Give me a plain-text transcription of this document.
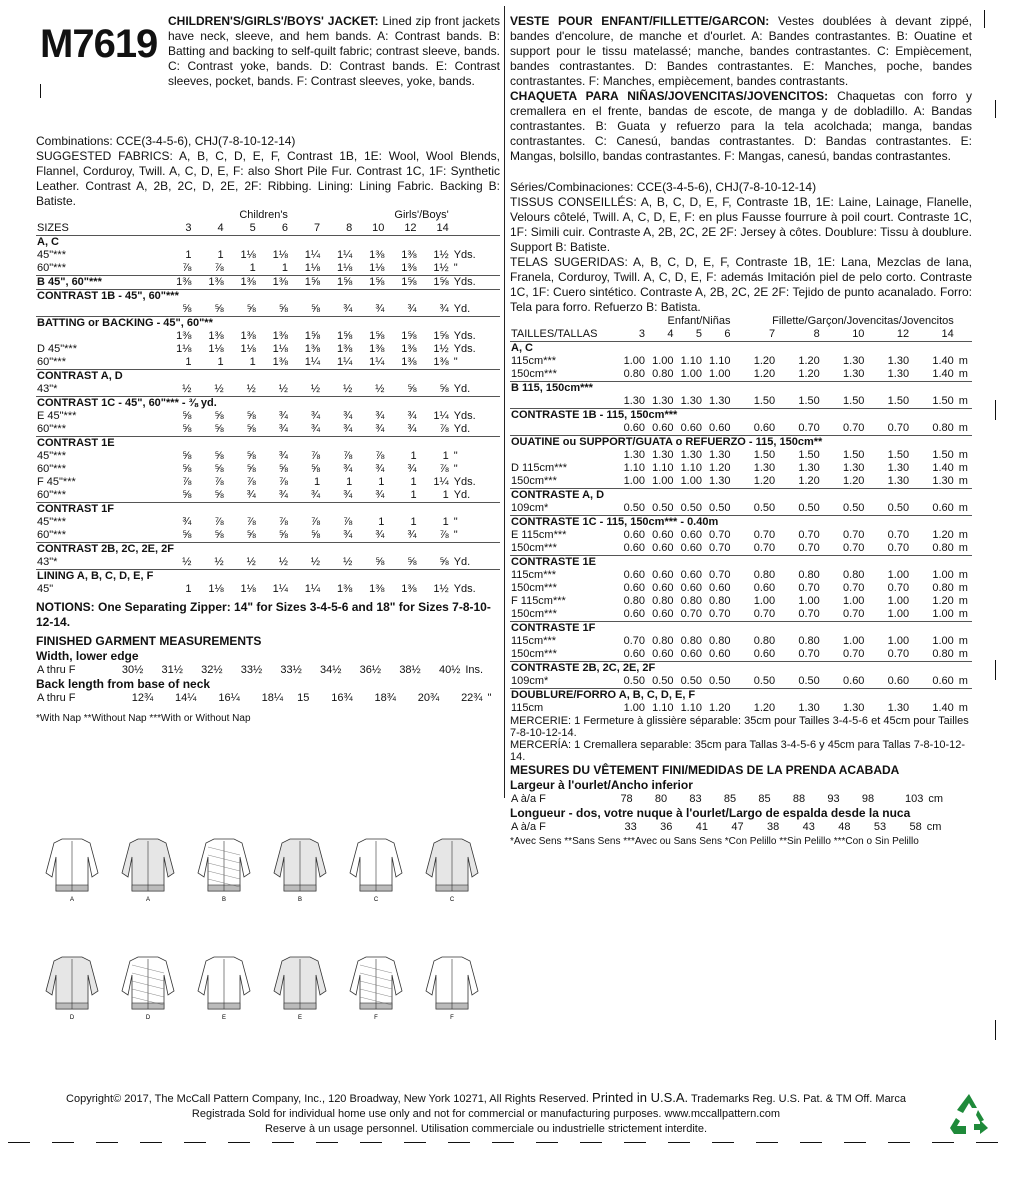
M7619
CHILDREN'S/GIRLS'/BOYS' JACKET: Lined zip front jackets have neck, sleeve, and hem bands. A: Contrast bands. B: Batting and backing to self-quilt fabric; contrast sleeve, bands. C: Contrast yoke, bands. D: Contrast bands. E: Contrast sleeves, pocket, bands. F: Contrast sleeves, yoke, bands.
Combinations: CCE(3-4-5-6), CHJ(7-8-10-12-14)
SUGGESTED FABRICS: A, B, C, D, E, F, Contrast 1B, 1E: Wool, Wool Blends, Flannel, Corduroy, Twill. A, C, D, E, F: also Short Pile Fur. Contrast 1C, 1F: Synthetic Leather. Contrast A, 2B, 2C, D, 2E, 2F: Ribbing. Lining: Lining Fabric. Backing B: Batiste.
	Children's				Girls'/Boys'					
SIZES	3	4	5	6	7	8	10	12	14	
A, C										
45"***	1	1	1⅛	1⅛	1¼	1¼	1⅜	1⅜	1½	Yds.
60"***	⅞	⅞	1	1	1⅛	1⅛	1⅛	1⅜	1½	"
B 45", 60"***	1⅜	1⅜	1⅜	1⅜	1⅝	1⅝	1⅝	1⅝	1⅝	Yds.
CONTRAST 1B - 45", 60"***										
	⅝	⅝	⅝	⅝	⅝	¾	¾	¾	¾	Yd.
BATTING or BACKING - 45", 60"**										
	1⅜	1⅜	1⅜	1⅜	1⅝	1⅝	1⅝	1⅝	1⅝	Yds.
D 45"***	1⅛	1⅛	1⅛	1⅛	1⅜	1⅜	1⅜	1⅜	1½	Yds.
60"***	1	1	1	1⅜	1¼	1¼	1¼	1⅜	1⅜	"
CONTRAST A, D										
43"*	½	½	½	½	½	½	½	⅝	⅝	Yd.
CONTRAST 1C - 45", 60"*** - ⅜ yd.										
E 45"***	⅝	⅝	⅝	¾	¾	¾	¾	¾	1¼	Yds.
60"***	⅝	⅝	⅝	¾	¾	¾	¾	¾	⅞	Yd.
CONTRAST 1E										
45"***	⅝	⅝	⅝	¾	⅞	⅞	⅞	1	1	"
60"***	⅝	⅝	⅝	⅝	⅝	¾	¾	¾	⅞	"
F 45"***	⅞	⅞	⅞	⅞	1	1	1	1	1¼	Yds.
60"***	⅝	⅝	¾	¾	¾	¾	¾	1	1	Yd.
CONTRAST 1F										
45"***	¾	⅞	⅞	⅞	⅞	⅞	1	1	1	"
60"***	⅝	⅝	⅝	⅝	⅝	¾	¾	¾	⅞	"
CONTRAST 2B, 2C, 2E, 2F										
43"*	½	½	½	½	½	½	⅝	⅝	⅝	Yd.
LINING A, B, C, D, E, F										
45"	1	1⅛	1⅛	1¼	1¼	1⅜	1⅜	1⅜	1½	Yds.
NOTIONS: One Separating Zipper: 14" for Sizes 3-4-5-6 and 18" for Sizes 7-8-10-12-14.
FINISHED GARMENT MEASUREMENTS
Width, lower edge
A thru F	30½	31½	32½	33½	33½	34½	36½	38½	40½	Ins.
Back length from base of neck
A thru F	12¾	14¼	16¼	18¼	15	16¾	18¾	20¾	22¾	"
*With Nap **Without Nap ***With or Without Nap
VESTE POUR ENFANT/FILLETTE/GARCON: Vestes doublées à devant zippé, bandes d'encolure, de manche et d'ourlet. A: Bandes contrastantes. B: Ouatine et support pour le tissu matelassé; manche, bandes contrastantes. C: Empiècement, bandes contrastantes. D: Bandes contrastantes. E: Manches, poche, bandes contrastantes. F: Manches, empiècement, bandes contrastants.
CHAQUETA PARA NIÑAS/JOVENCITAS/JOVENCITOS: Chaquetas con forro y cremallera en el frente, bandas de escote, de manga y de dobladillo. A: Bandas contrastantes. B: Guata y refuerzo para la tela acolchada; manga, bandas contrastantes. C: Canesú, bandas contrastantes. D: Bandas contrastantes. E: Mangas, bolsillo, bandas contrastantes. F: Mangas, canesú, bandas contrastantes.
Séries/Combinaciones: CCE(3-4-5-6), CHJ(7-8-10-12-14)
TISSUS CONSEILLÉS: A, B, C, D, E, F, Contraste 1B, 1E: Laine, Lainage, Flanelle, Velours côtelé, Twill. A, C, D, E, F: en plus Fausse fourrure à poil court. Contraste 1C, 1F: Simili cuir. Contraste A, 2B, 2C, 2E 2F: Jersey à côtes. Doublure: Tissu à doublure. Support B: Batiste.
TELAS SUGERIDAS: A, B, C, D, E, F, Contraste 1B, 1E: Lana, Mezclas de lana, Franela, Corduroy, Twill. A, C, D, E, F: además Imitación piel de pelo corto. Contraste 1C, 1F: Cuero sintético. Contraste A, 2B, 2C, 2E 2F: Tejido de punto acanalado. Forro: Tela para forro. Refuerzo B: Batista.
	Enfant/Niñas				Fillette/Garçon/Jovencitas/Jovencitos					
TAILLES/TALLAS	3	4	5	6	7	8	10	12	14	
A, C										
115cm***	1.00	1.00	1.10	1.10	1.20	1.20	1.30	1.30	1.40	m
150cm***	0.80	0.80	1.00	1.00	1.20	1.20	1.30	1.30	1.40	m
B 115, 150cm***										
	1.30	1.30	1.30	1.30	1.50	1.50	1.50	1.50	1.50	m
CONTRASTE 1B - 115, 150cm***										
	0.60	0.60	0.60	0.60	0.60	0.70	0.70	0.70	0.80	m
OUATINE ou SUPPORT/GUATA o REFUERZO - 115, 150cm**										
	1.30	1.30	1.30	1.30	1.50	1.50	1.50	1.50	1.50	m
D 115cm***	1.10	1.10	1.10	1.20	1.30	1.30	1.30	1.30	1.40	m
150cm***	1.00	1.00	1.00	1.30	1.20	1.20	1.20	1.30	1.30	m
CONTRASTE A, D										
109cm*	0.50	0.50	0.50	0.50	0.50	0.50	0.50	0.50	0.60	m
CONTRASTE 1C - 115, 150cm*** - 0.40m										
E 115cm***	0.60	0.60	0.60	0.70	0.70	0.70	0.70	0.70	1.20	m
150cm***	0.60	0.60	0.60	0.70	0.70	0.70	0.70	0.70	0.80	m
CONTRASTE 1E										
115cm***	0.60	0.60	0.60	0.70	0.80	0.80	0.80	1.00	1.00	m
150cm***	0.60	0.60	0.60	0.60	0.60	0.70	0.70	0.70	0.80	m
F 115cm***	0.80	0.80	0.80	0.80	1.00	1.00	1.00	1.00	1.20	m
150cm***	0.60	0.60	0.70	0.70	0.70	0.70	0.70	1.00	1.00	m
CONTRASTE 1F										
115cm***	0.70	0.80	0.80	0.80	0.80	0.80	1.00	1.00	1.00	m
150cm***	0.60	0.60	0.60	0.60	0.60	0.70	0.70	0.70	0.80	m
CONTRASTE 2B, 2C, 2E, 2F										
109cm*	0.50	0.50	0.50	0.50	0.50	0.50	0.60	0.60	0.60	m
DOUBLURE/FORRO A, B, C, D, E, F										
115cm	1.00	1.10	1.10	1.20	1.20	1.30	1.30	1.30	1.40	m
MERCERIE: 1 Fermeture à glissière séparable: 35cm pour Tailles 3-4-5-6 et 45cm pour Tailles 7-8-10-12-14.
MERCERÍA: 1 Cremallera separable: 35cm para Tallas 3-4-5-6 y 45cm para Tallas 7-8-10-12-14.
MESURES DU VÊTEMENT FINI/MEDIDAS DE LA PRENDA ACABADA
Largeur à l'ourlet/Ancho inferior
A à/a F	78	80	83	85	85	88	93	98	103	cm
Longueur - dos, votre nuque à l'ourlet/Largo de espalda desde la nuca
A à/a F	33	36	41	47	38	43	48	53	58	cm
*Avec Sens **Sans Sens ***Avec ou Sans Sens *Con Pelillo **Sin Pelillo ***Con o Sin Pelillo
A	A	B	B	C	C
D	D	E	E	F	F
Copyright© 2017, The McCall Pattern Company, Inc., 120 Broadway, New York 10271, All Rights Reserved. Printed in U.S.A. Trademarks Reg. U.S. Pat. & TM Off. Marca
Registrada Sold for individual home use only and not for commercial or manufacturing purposes. www.mccallpattern.com
Reserve à un usage personnel. Utilisation commerciale ou industrielle strictement interdite.
